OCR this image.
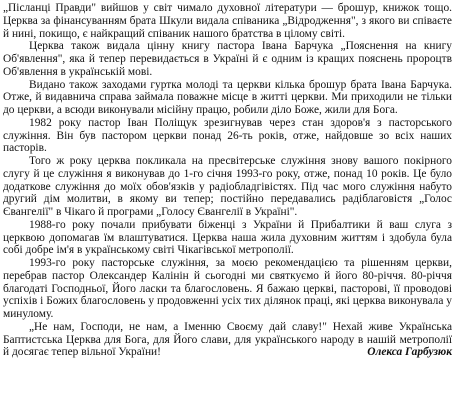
„Післанці Правди" вийшов у світ чимало духовної літератури — брошур, книжок тощо. Церква за фінансуванням брата Шкули видала співаника „Відродження", з якого ви співаєте й нині, покищо, є найкращий співаник нашого братства в цілому світі.

Церква також видала цінну книгу пастора Івана Барчука „Пояснення на книгу Об'явлення", яка й тепер перевидається в Україні й є одним із кращих пояснень пророцтв Об'явлення в українській мові.

Видано також заходами гуртка молоді та церкви кілька брошур брата Івана Барчука. Отже, й видавнича справа займала поважне місце в житті церкви. Ми приходили не тільки до церкви, а всюди виконували місійну працю, робили діло Боже, жили для Бога.

1982 року пастор Іван Поліщук зрезигнував через стан здоров'я з пасторського служіння. Він був пастором церкви понад 26-ть років, отже, найдовше зо всіх наших пасторів.

Того ж року церква покликала на пресвітерське служіння знову вашого покірного слугу й це служіння я виконував до 1-го січня 1993-го року, отже, понад 10 років. Це було додаткове служіння до моїх обов'язків у радіобладгівістях. Під час мого служіння набуто другий дім молитви, в якому ви тепер; постійно передавались радіблаговістя „Голос Євангелії" в Чікаго й програми „Голосу Євангелії в Україні".

1988-го року почали прибувати біженці з України й Прибалтики й ваш слуга з церквою допомагав їм влаштуватися. Церква наша жила духовним життям і здобула була собі добре ім'я в українському світі Чікагівської метрополії.

1993-го року пасторське служіння, за моєю рекомендацією та рішенням церкви, перебрав пастор Олександер Калінін й сьогодні ми святкуємо й його 80-річчя. 80-річчя благодаті Господньої, Його ласки та благословень. Я бажаю церкві, пасторові, її проводові успіхів і Божих благословень у продовженні усіх тих ділянок праці, які церква виконувала у минулому.

„Не нам, Господи, не нам, а Іменню Своєму дай славу!" Нехай живе Українська Баптистська Церква для Бога, для Його слави, для українського народу в нашій метрополії й досягає тепер вільної України!	Олекса Гарбузюк
